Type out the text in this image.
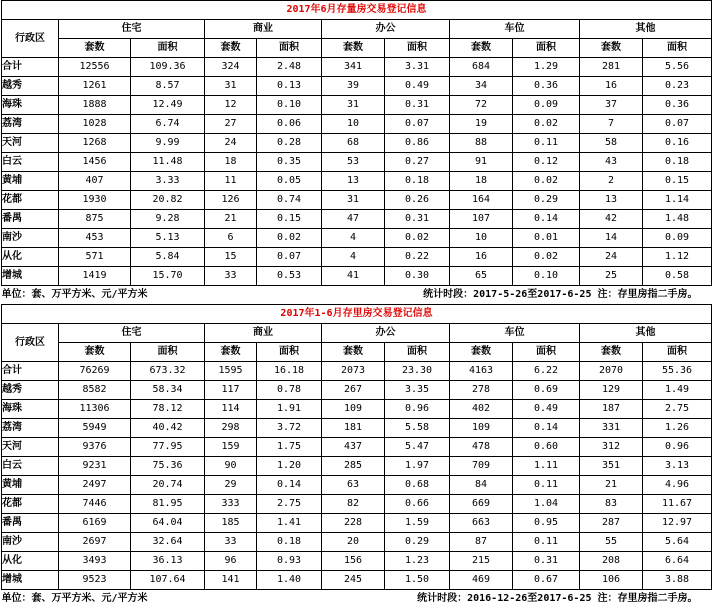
2017年6月存量房交易登记信息										
行政区	住宅		商业		办公		车位		其他	
	套数	面积	套数	面积	套数	面积	套数	面积	套数	面积
合计	12556	109.36	324	2.48	341	3.31	684	1.29	281	5.56
越秀	1261	8.57	31	0.13	39	0.49	34	0.36	16	0.23
海珠	1888	12.49	12	0.10	31	0.31	72	0.09	37	0.36
荔湾	1028	6.74	27	0.06	10	0.07	19	0.02	7	0.07
天河	1268	9.99	24	0.28	68	0.86	88	0.11	58	0.16
白云	1456	11.48	18	0.35	53	0.27	91	0.12	43	0.18
黄埔	407	3.33	11	0.05	13	0.18	18	0.02	2	0.15
花都	1930	20.82	126	0.74	31	0.26	164	0.29	13	1.14
番禺	875	9.28	21	0.15	47	0.31	107	0.14	42	1.48
南沙	453	5.13	6	0.02	4	0.02	10	0.01	14	0.09
从化	571	5.84	15	0.07	4	0.22	16	0.02	24	1.12
增城	1419	15.70	33	0.53	41	0.30	65	0.10	25	0.58
单位：套、万平方米、元/平方米					统计时段：2017-5-26至2017-6-25 注：存里房指二手房。					
2017年1-6月存里房交易登记信息										
行政区	住宅		商业		办公		车位		其他	
	套数	面积	套数	面积	套数	面积	套数	面积	套数	面积
合计	76269	673.32	1595	16.18	2073	23.30	4163	6.22	2070	55.36
越秀	8582	58.34	117	0.78	267	3.35	278	0.69	129	1.49
海珠	11306	78.12	114	1.91	109	0.96	402	0.49	187	2.75
荔湾	5949	40.42	298	3.72	181	5.58	109	0.14	331	1.26
天河	9376	77.95	159	1.75	437	5.47	478	0.60	312	0.96
白云	9231	75.36	90	1.20	285	1.97	709	1.11	351	3.13
黄埔	2497	20.74	29	0.14	63	0.68	84	0.11	21	4.96
花都	7446	81.95	333	2.75	82	0.66	669	1.04	83	11.67
番禺	6169	64.04	185	1.41	228	1.59	663	0.95	287	12.97
南沙	2697	32.64	33	0.18	20	0.29	87	0.11	55	5.64
从化	3493	36.13	96	0.93	156	1.23	215	0.31	208	6.64
增城	9523	107.64	141	1.40	245	1.50	469	0.67	106	3.88
单位：套、万平方米、元/平方米					统计时段：2016-12-26至2017-6-25 注：存里房指二手房。					
